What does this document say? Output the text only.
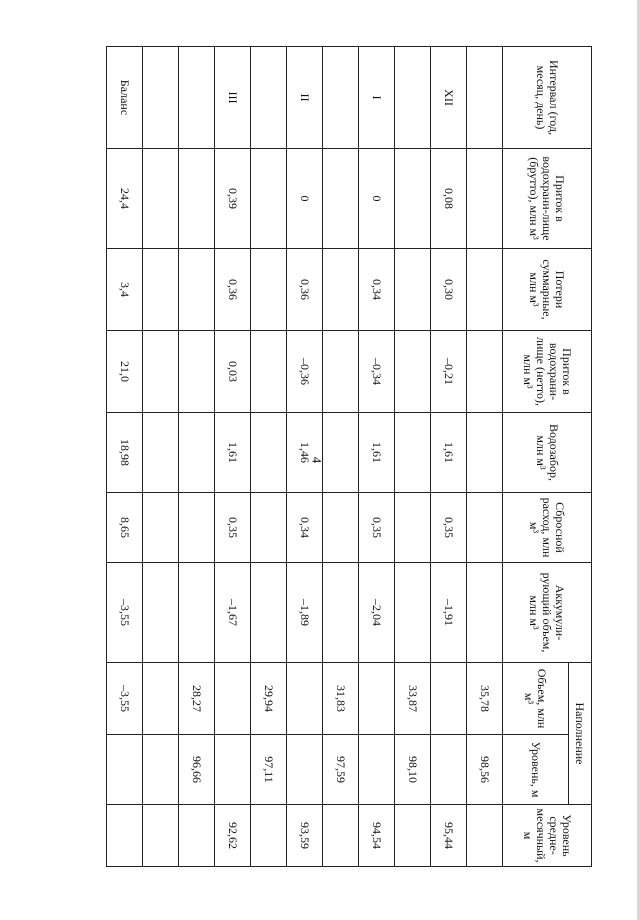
4
Интервал (год, месяц, день)	Приток в водохрани-лище (брутто), млн м³	Потери суммарные, млн м³	Приток в водохрани-лище (нетто), млн м³	Водозабор, млн м³	Сбросной расход, млн м³	Аккумули-рующий объем, млн м³	Наполнение		Уровень средне-месячный, м
							Объем, млн м³	Уровень, м	

							35,78	98,56	
XII	0,08	0,30	–0,21	1,61	0,35	–1,91			95,44
							33,87	98,10	
I	0	0,34	–0,34	1,61	0,35	–2,04			94,54
							31,83	97,59	
II	0	0,36	–0,36	1,46	0,34	–1,89			93,59
							29,94	97,11	
III	0,39	0,36	0,03	1,61	0,35	–1,67			92,62
							28,27	96,66	

Баланс	24,4	3,4	21,0	18,98	8,65	–3,55	–3,55		
